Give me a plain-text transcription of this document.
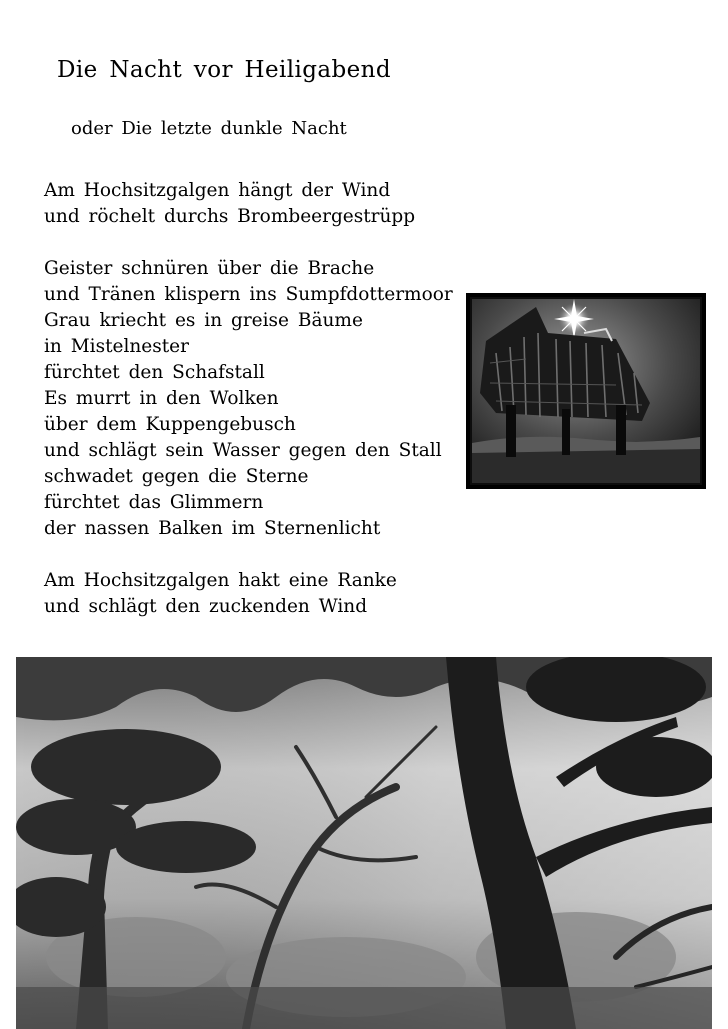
Die Nacht vor Heiligabend
oder Die letzte dunkle Nacht
Am Hochsitzgalgen hängt der Wind
und röchelt durchs Brombeergestrüpp
Geister schnüren über die Brache
und Tränen klispern ins Sumpfdottermoor
Grau kriecht es in greise Bäume
in Mistelnester
fürchtet den Schafstall
Es murrt in den Wolken
über dem Kuppengebusch
und schlägt sein Wasser gegen den Stall
schwadet gegen die Sterne
fürchtet das Glimmern
der nassen Balken im Sternenlicht
Am Hochsitzgalgen hakt eine Ranke
und schlägt den zuckenden Wind
